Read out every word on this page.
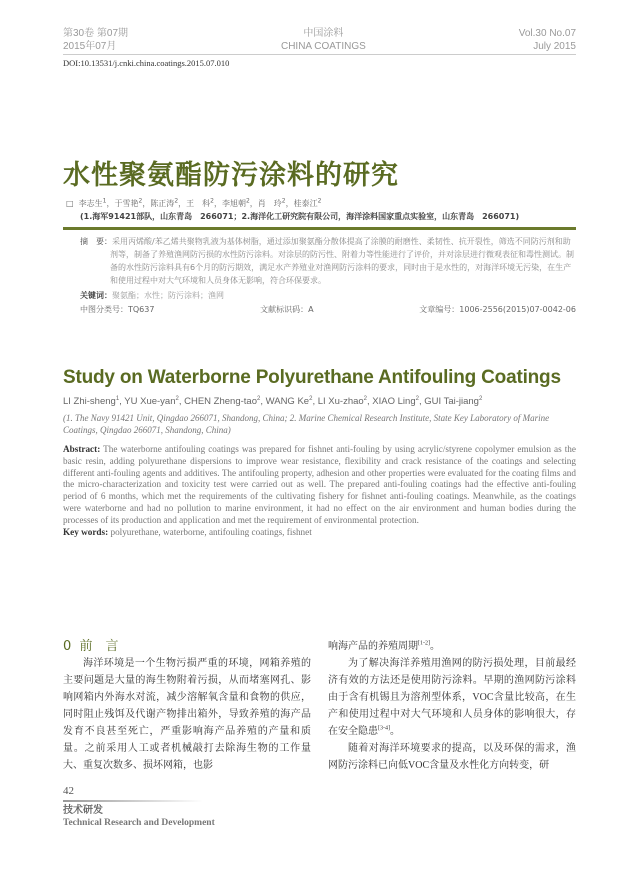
第30卷 第07期
2015年07月
中国涂料
CHINA COATINGS
Vol.30 No.07
July 2015
DOI:10.13531/j.cnki.china.coatings.2015.07.010
水性聚氨酯防污涂料的研究
□  李志生$^1$，于雪艳$^2$，陈正涛$^2$，王　科$^2$，李旭朝$^2$，肖　玲$^2$，桂泰江$^2$
(1.海军91421部队，山东青岛　266071；2.海洋化工研究院有限公司，海洋涂料国家重点实验室，山东青岛　266071)
摘　要：采用丙烯酸/苯乙烯共聚物乳液为基体树脂，通过添加聚氨酯分散体提高了涂膜的耐磨性、柔韧性、抗开裂性，筛选不同防污剂和助剂等，制备了养殖渔网防污损的水性防污涂料。对涂层的防污性、附着力等性能进行了评价，并对涂层进行微观表征和毒性测试。制备的水性防污涂料具有6个月的防污期效，满足水产养殖业对渔网防污涂料的要求，同时由于是水性的，对海洋环境无污染，在生产和使用过程中对大气环境和人员身体无影响，符合环保要求。
关键词：聚氨酯；水性；防污涂料；渔网
中图分类号：TQ637	文献标识码：A	文章编号：1006-2556(2015)07-0042-06
Study on Waterborne Polyurethane Antifouling Coatings
LI Zhi-sheng$^1$, YU Xue-yan$^2$, CHEN Zheng-tao$^2$, WANG Ke$^2$, LI Xu-zhao$^2$, XIAO Ling$^2$, GUI Tai-jiang$^2$
(1. The Navy 91421 Unit, Qingdao 266071, Shandong, China; 2. Marine Chemical Research Institute, State Key Laboratory of Marine Coatings, Qingdao 266071, Shandong, China)
Abstract: The waterborne antifouling coatings was prepared for fishnet anti-fouling by using acrylic/styrene copolymer emulsion as the basic resin, adding polyurethane dispersions to improve wear resistance, flexibility and crack resistance of the coatings and selecting different anti-fouling agents and additives. The antifouling property, adhesion and other properties were evaluated for the coating films and the micro-characterization and toxicity test were carried out as well. The prepared anti-fouling coatings had the effective anti-fouling period of 6 months, which met the requirements of the cultivating fishery for fishnet anti-fouling coatings. Meanwhile, as the coatings were waterborne and had no pollution to marine environment, it had no effect on the air environment and human bodies during the processes of its production and application and met the requirement of environmental protection.
Key words: polyurethane, waterborne, antifouling coatings, fishnet
0 前　言
海洋环境是一个生物污损严重的环境，网箱养殖的主要问题是大量的海生物附着污损，从而堵塞网孔、影响网箱内外海水对流，减少溶解氧含量和食物的供应，同时阻止残饵及代谢产物排出箱外，导致养殖的海产品发育不良甚至死亡，严重影响海产品养殖的产量和质量。之前采用人工或者机械敲打去除海生物的工作量大、重复次数多、损坏网箱，也影

响海产品的养殖周期[1-2]。

为了解决海洋养殖用渔网的防污损处理，目前最经济有效的方法还是使用防污涂料。早期的渔网防污涂料由于含有机锡且为溶剂型体系，VOC含量比较高，在生产和使用过程中对大气环境和人员身体的影响很大，存在安全隐患[3-4]。

随着对海洋环境要求的提高，以及环保的需求，渔网防污涂料已向低VOC含量及水性化方向转变，研

42
技术研发
Technical Research and Development
